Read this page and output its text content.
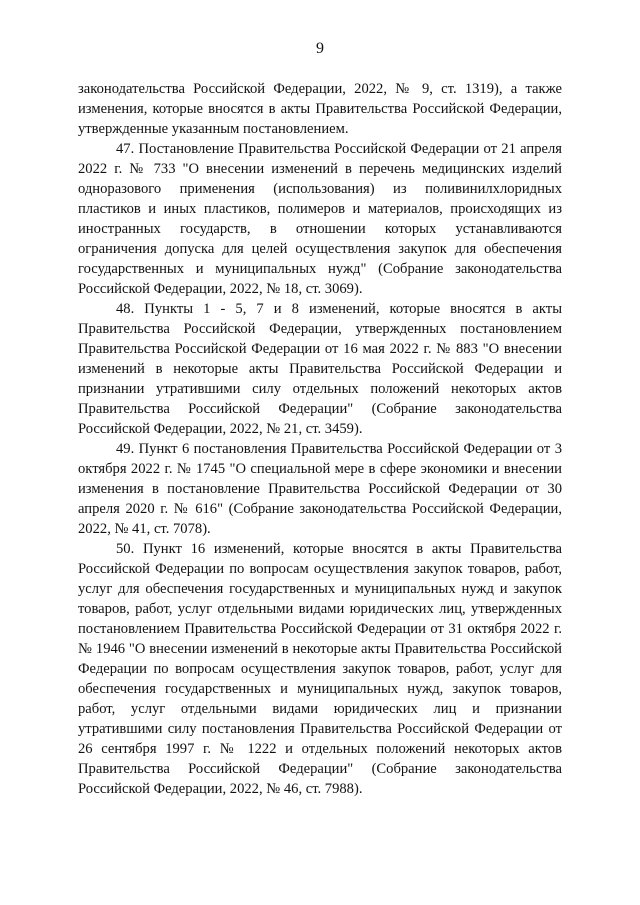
9

законодательства Российской Федерации, 2022, № 9, ст. 1319), а также изменения, которые вносятся в акты Правительства Российской Федерации, утвержденные указанным постановлением.

47. Постановление Правительства Российской Федерации от 21 апреля 2022 г. № 733 "О внесении изменений в перечень медицинских изделий одноразового применения (использования) из поливинилхлоридных пластиков и иных пластиков, полимеров и материалов, происходящих из иностранных государств, в отношении которых устанавливаются ограничения допуска для целей осуществления закупок для обеспечения государственных и муниципальных нужд" (Собрание законодательства Российской Федерации, 2022, № 18, ст. 3069).

48. Пункты 1 - 5, 7 и 8 изменений, которые вносятся в акты Правительства Российской Федерации, утвержденных постановлением Правительства Российской Федерации от 16 мая 2022 г. № 883 "О внесении изменений в некоторые акты Правительства Российской Федерации и признании утратившими силу отдельных положений некоторых актов Правительства Российской Федерации" (Собрание законодательства Российской Федерации, 2022, № 21, ст. 3459).

49. Пункт 6 постановления Правительства Российской Федерации от 3 октября 2022 г. № 1745 "О специальной мере в сфере экономики и внесении изменения в постановление Правительства Российской Федерации от 30 апреля 2020 г. № 616" (Собрание законодательства Российской Федерации, 2022, № 41, ст. 7078).

50. Пункт 16 изменений, которые вносятся в акты Правительства Российской Федерации по вопросам осуществления закупок товаров, работ, услуг для обеспечения государственных и муниципальных нужд и закупок товаров, работ, услуг отдельными видами юридических лиц, утвержденных постановлением Правительства Российской Федерации от 31 октября 2022 г. № 1946 "О внесении изменений в некоторые акты Правительства Российской Федерации по вопросам осуществления закупок товаров, работ, услуг для обеспечения государственных и муниципальных нужд, закупок товаров, работ, услуг отдельными видами юридических лиц и признании утратившими силу постановления Правительства Российской Федерации от 26 сентября 1997 г. № 1222 и отдельных положений некоторых актов Правительства Российской Федерации" (Собрание законодательства Российской Федерации, 2022, № 46, ст. 7988).
